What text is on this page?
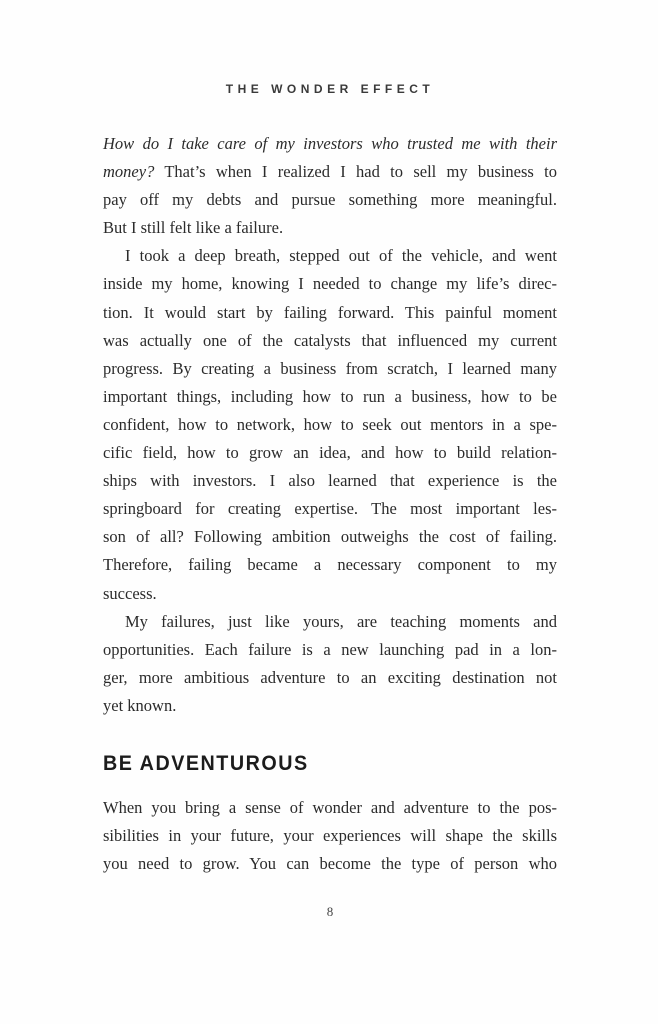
THE WONDER EFFECT
How do I take care of my investors who trusted me with their
money? That’s when I realized I had to sell my business to
pay off my debts and pursue something more meaningful.
But I still felt like a failure.
I took a deep breath, stepped out of the vehicle, and went
inside my home, knowing I needed to change my life’s direc-
tion. It would start by failing forward. This painful moment
was actually one of the catalysts that influenced my current
progress. By creating a business from scratch, I learned many
important things, including how to run a business, how to be
confident, how to network, how to seek out mentors in a spe-
cific field, how to grow an idea, and how to build relation-
ships with investors. I also learned that experience is the
springboard for creating expertise. The most important les-
son of all? Following ambition outweighs the cost of failing.
Therefore, failing became a necessary component to my
success.
My failures, just like yours, are teaching moments and
opportunities. Each failure is a new launching pad in a lon-
ger, more ambitious adventure to an exciting destination not
yet known.
BE ADVENTUROUS
When you bring a sense of wonder and adventure to the pos-
sibilities in your future, your experiences will shape the skills
you need to grow. You can become the type of person who
8
